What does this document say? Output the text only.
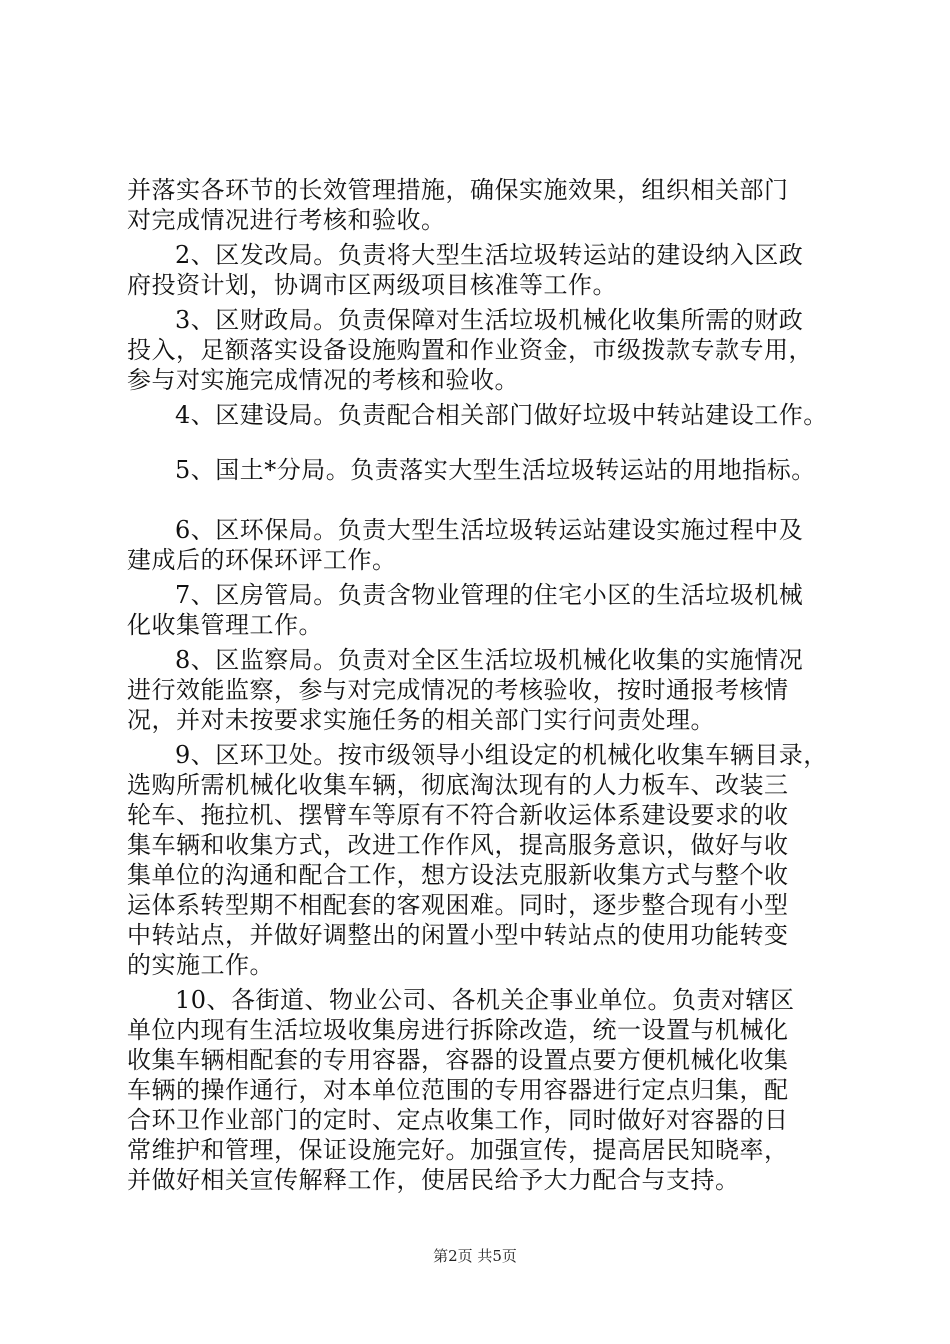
并落实各环节的长效管理措施，确保实施效果，组织相关部门
对完成情况进行考核和验收。
2、区发改局。负责将大型生活垃圾转运站的建设纳入区政
府投资计划，协调市区两级项目核准等工作。
3、区财政局。负责保障对生活垃圾机械化收集所需的财政
投入，足额落实设备设施购置和作业资金，市级拨款专款专用，
参与对实施完成情况的考核和验收。
4、区建设局。负责配合相关部门做好垃圾中转站建设工作。
5、国土*分局。负责落实大型生活垃圾转运站的用地指标。
6、区环保局。负责大型生活垃圾转运站建设实施过程中及
建成后的环保环评工作。
7、区房管局。负责含物业管理的住宅小区的生活垃圾机械
化收集管理工作。
8、区监察局。负责对全区生活垃圾机械化收集的实施情况
进行效能监察，参与对完成情况的考核验收，按时通报考核情
况，并对未按要求实施任务的相关部门实行问责处理。
9、区环卫处。按市级领导小组设定的机械化收集车辆目录，
选购所需机械化收集车辆，彻底淘汰现有的人力板车、改装三
轮车、拖拉机、摆臂车等原有不符合新收运体系建设要求的收
集车辆和收集方式，改进工作作风，提高服务意识，做好与收
集单位的沟通和配合工作，想方设法克服新收集方式与整个收
运体系转型期不相配套的客观困难。同时，逐步整合现有小型
中转站点，并做好调整出的闲置小型中转站点的使用功能转变
的实施工作。
10、各街道、物业公司、各机关企事业单位。负责对辖区
单位内现有生活垃圾收集房进行拆除改造，统一设置与机械化
收集车辆相配套的专用容器，容器的设置点要方便机械化收集
车辆的操作通行，对本单位范围的专用容器进行定点归集，配
合环卫作业部门的定时、定点收集工作，同时做好对容器的日
常维护和管理，保证设施完好。加强宣传，提高居民知晓率，
并做好相关宣传解释工作，使居民给予大力配合与支持。
第2页 共5页
